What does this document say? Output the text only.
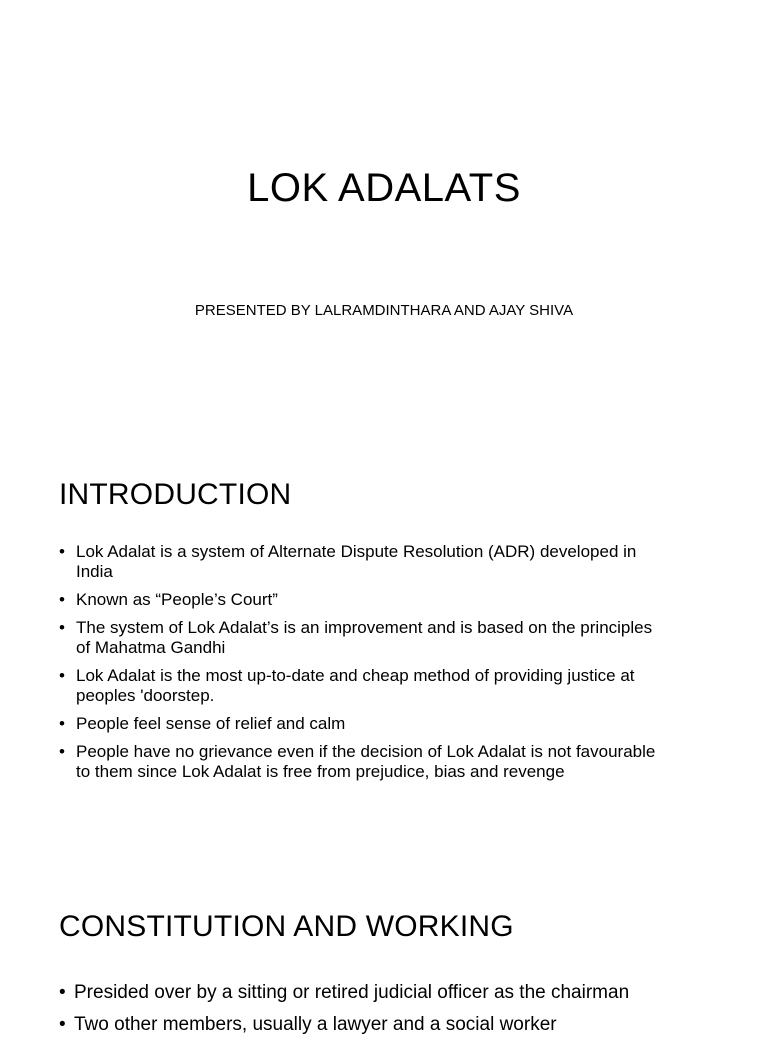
LOK ADALATS

PRESENTED BY LALRAMDINTHARA AND AJAY SHIVA

INTRODUCTION
• Lok Adalat is a system of Alternate Dispute Resolution (ADR) developed in India
• Known as “People’s Court”
• The system of Lok Adalat’s is an improvement and is based on the principles of Mahatma Gandhi
• Lok Adalat is the most up-to-date and cheap method of providing justice at peoples 'doorstep.
• People feel sense of relief and calm
• People have no grievance even if the decision of Lok Adalat is not favourable to them since Lok Adalat is free from prejudice, bias and revenge
CONSTITUTION AND WORKING
• Presided over by a sitting or retired judicial officer as the chairman
• Two other members, usually a lawyer and a social worker
